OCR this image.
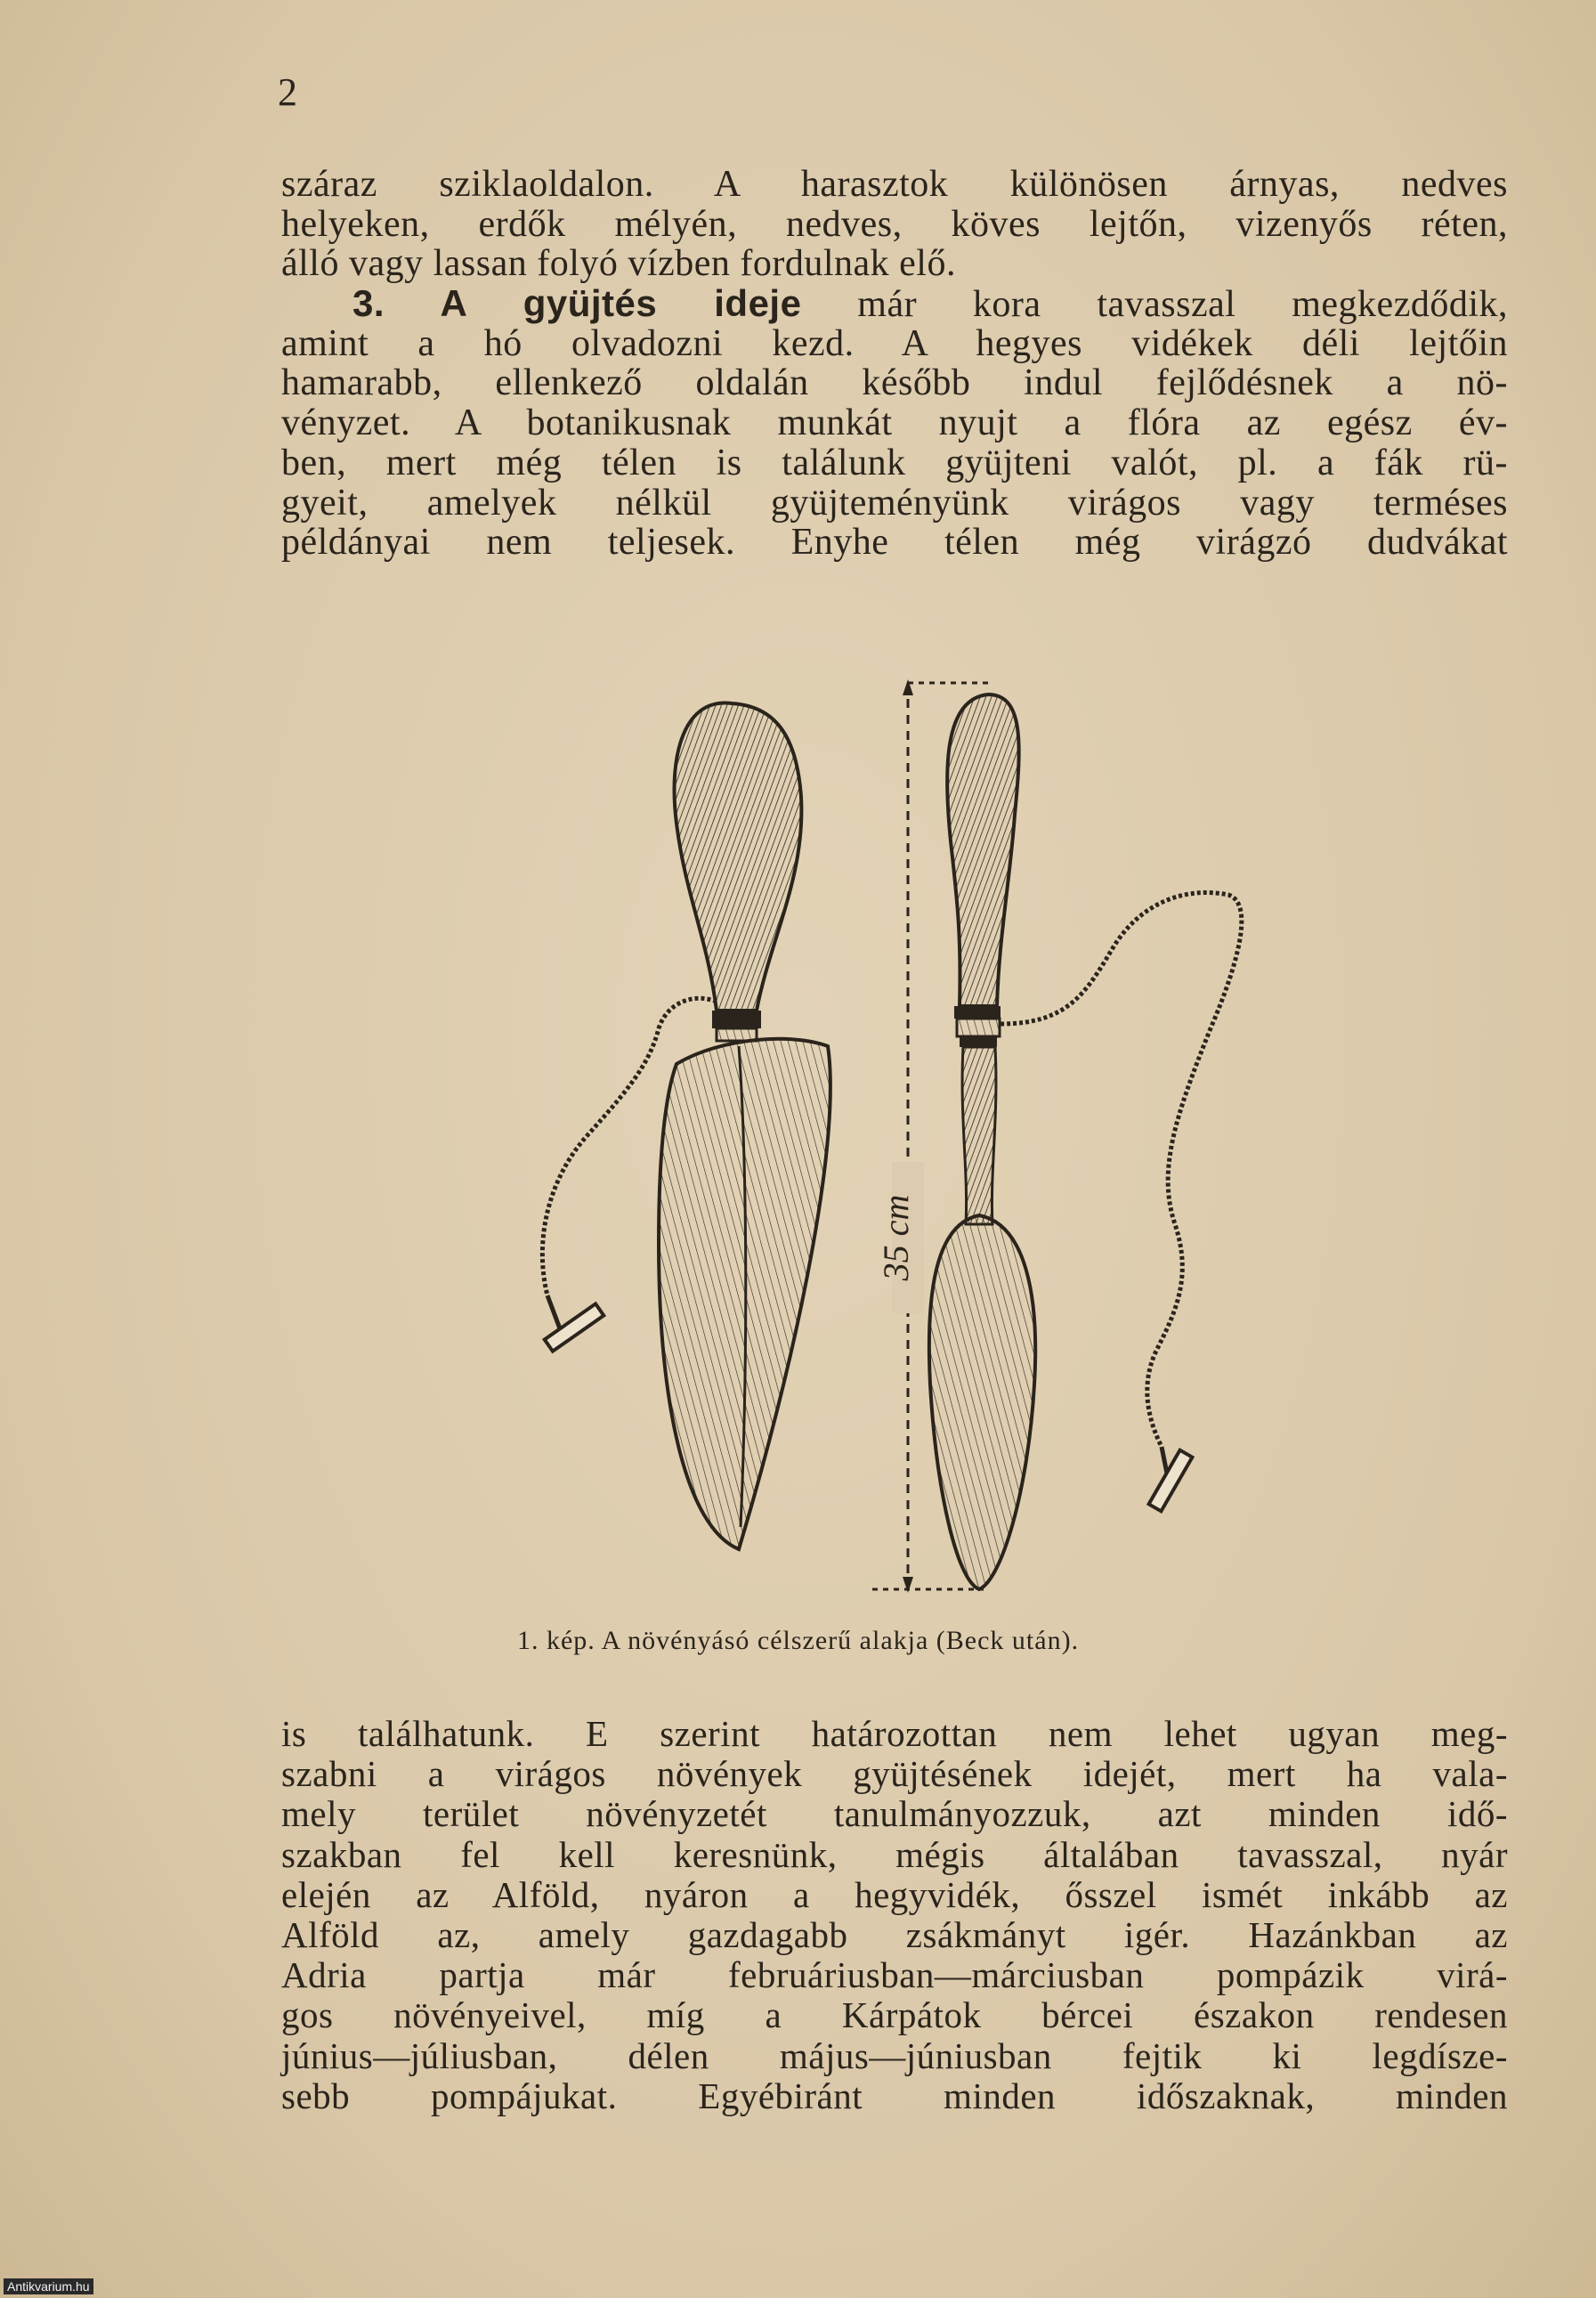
2
száraz sziklaoldalon. A harasztok különösen árnyas, nedves
helyeken, erdők mélyén, nedves, köves lejtőn, vizenyős réten,
álló vagy lassan folyó vízben fordulnak elő.
3. A gyüjtés ideje már kora tavasszal megkezdődik,
amint a hó olvadozni kezd. A hegyes vidékek déli lejtőin
hamarabb, ellenkező oldalán később indul fejlődésnek a nö-
vényzet. A botanikusnak munkát nyujt a flóra az egész év-
ben, mert még télen is találunk gyüjteni valót, pl. a fák rü-
gyeit, amelyek nélkül gyüjteményünk virágos vagy terméses
példányai nem teljesek. Enyhe télen még virágzó dudvákat
35 cm
1. kép. A növényásó célszerű alakja (Beck után).
is találhatunk. E szerint határozottan nem lehet ugyan meg-
szabni a virágos növények gyüjtésének idejét, mert ha vala-
mely terület növényzetét tanulmányozzuk, azt minden idő-
szakban fel kell keresnünk, mégis általában tavasszal, nyár
elején az Alföld, nyáron a hegyvidék, ősszel ismét inkább az
Alföld az, amely gazdagabb zsákmányt igér. Hazánkban az
Adria partja már februáriusban—márciusban pompázik virá-
gos növényeivel, míg a Kárpátok bércei északon rendesen
június—júliusban, délen május—júniusban fejtik ki legdísze-
sebb pompájukat. Egyébiránt minden időszaknak, minden
Antikvarium.hu
